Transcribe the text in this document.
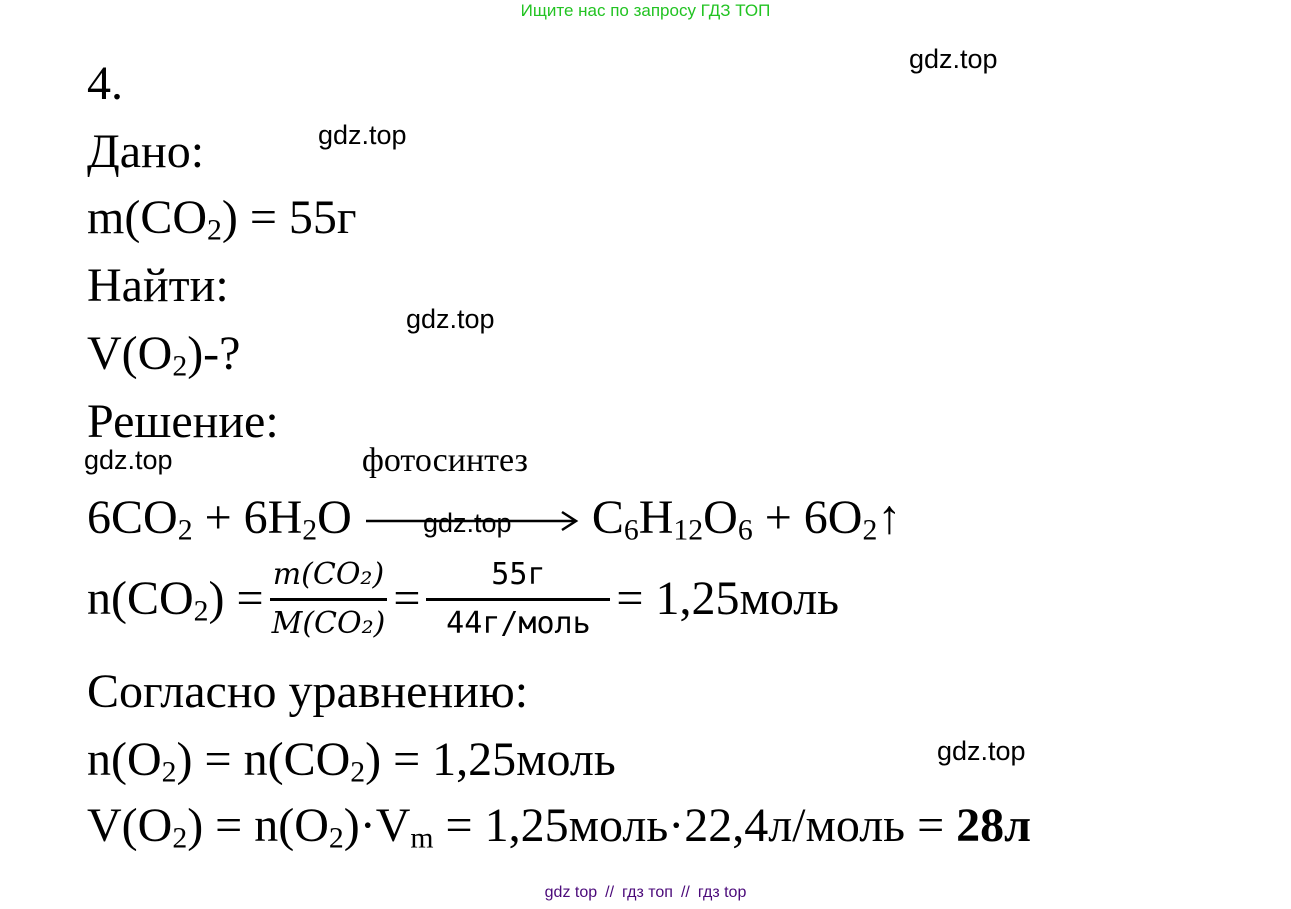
Ищите нас по запросу ГДЗ ТОП
gdz.top
gdz.top
gdz.top
gdz.top
gdz.top
gdz.top
4.
Дано:
$m(CO_2) = 55г$
Найти:
$V(O_2)-$?
Решение:
$6CO_2 + 6H_2O$
фотосинтез
$C_6H_{12}O_6$ + $6O_2↑$
$n(CO_2) = \frac{\text{m(CO₂)}}{\text{M(CO₂)}} = \frac{55г}{\text{44г/моль}}$ = 1,25моль
Согласно уравнению:
$n(O_2) = n(CO_2)$ = 1,25моль
$V(O_2) = n(O_2)\cdot V_m$ = 1,25моль·22,4л/моль = 28л
gdz top // гдз топ // гдз top
